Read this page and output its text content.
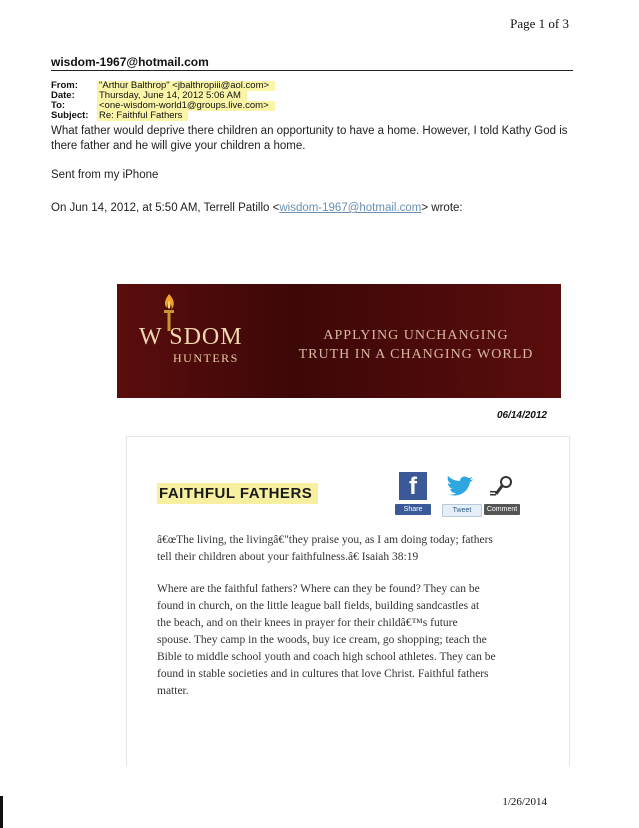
Page 1 of 3
wisdom-1967@hotmail.com
From:	"Arthur Balthrop" <jbalthropiii@aol.com>
Date:	Thursday, June 14, 2012 5:06 AM
To:	<one-wisdom-world1@groups.live.com>
Subject:	Re: Faithful Fathers
What father would deprive there children an opportunity to have a home. However, I told Kathy God is
there father and he will give your children a home.
Sent from my iPhone
On Jun 14, 2012, at 5:50 AM, Terrell Patillo <wisdom-1967@hotmail.com> wrote:
W SDOM
HUNTERS
APPLYING UNCHANGING
TRUTH IN A CHANGING WORLD
06/14/2012
FAITHFUL FATHERS	f
Share	Tweet	Comment
â€œThe living, the livingâ€"they praise you, as I am doing today; fathers
tell their children about your faithfulness.â€ Isaiah 38:19
Where are the faithful fathers? Where can they be found? They can be
found in church, on the little league ball fields, building sandcastles at
the beach, and on their knees in prayer for their childâ€™s future
spouse. They camp in the woods, buy ice cream, go shopping; teach the
Bible to middle school youth and coach high school athletes. They can be
found in stable societies and in cultures that love Christ. Faithful fathers
matter.
1/26/2014
